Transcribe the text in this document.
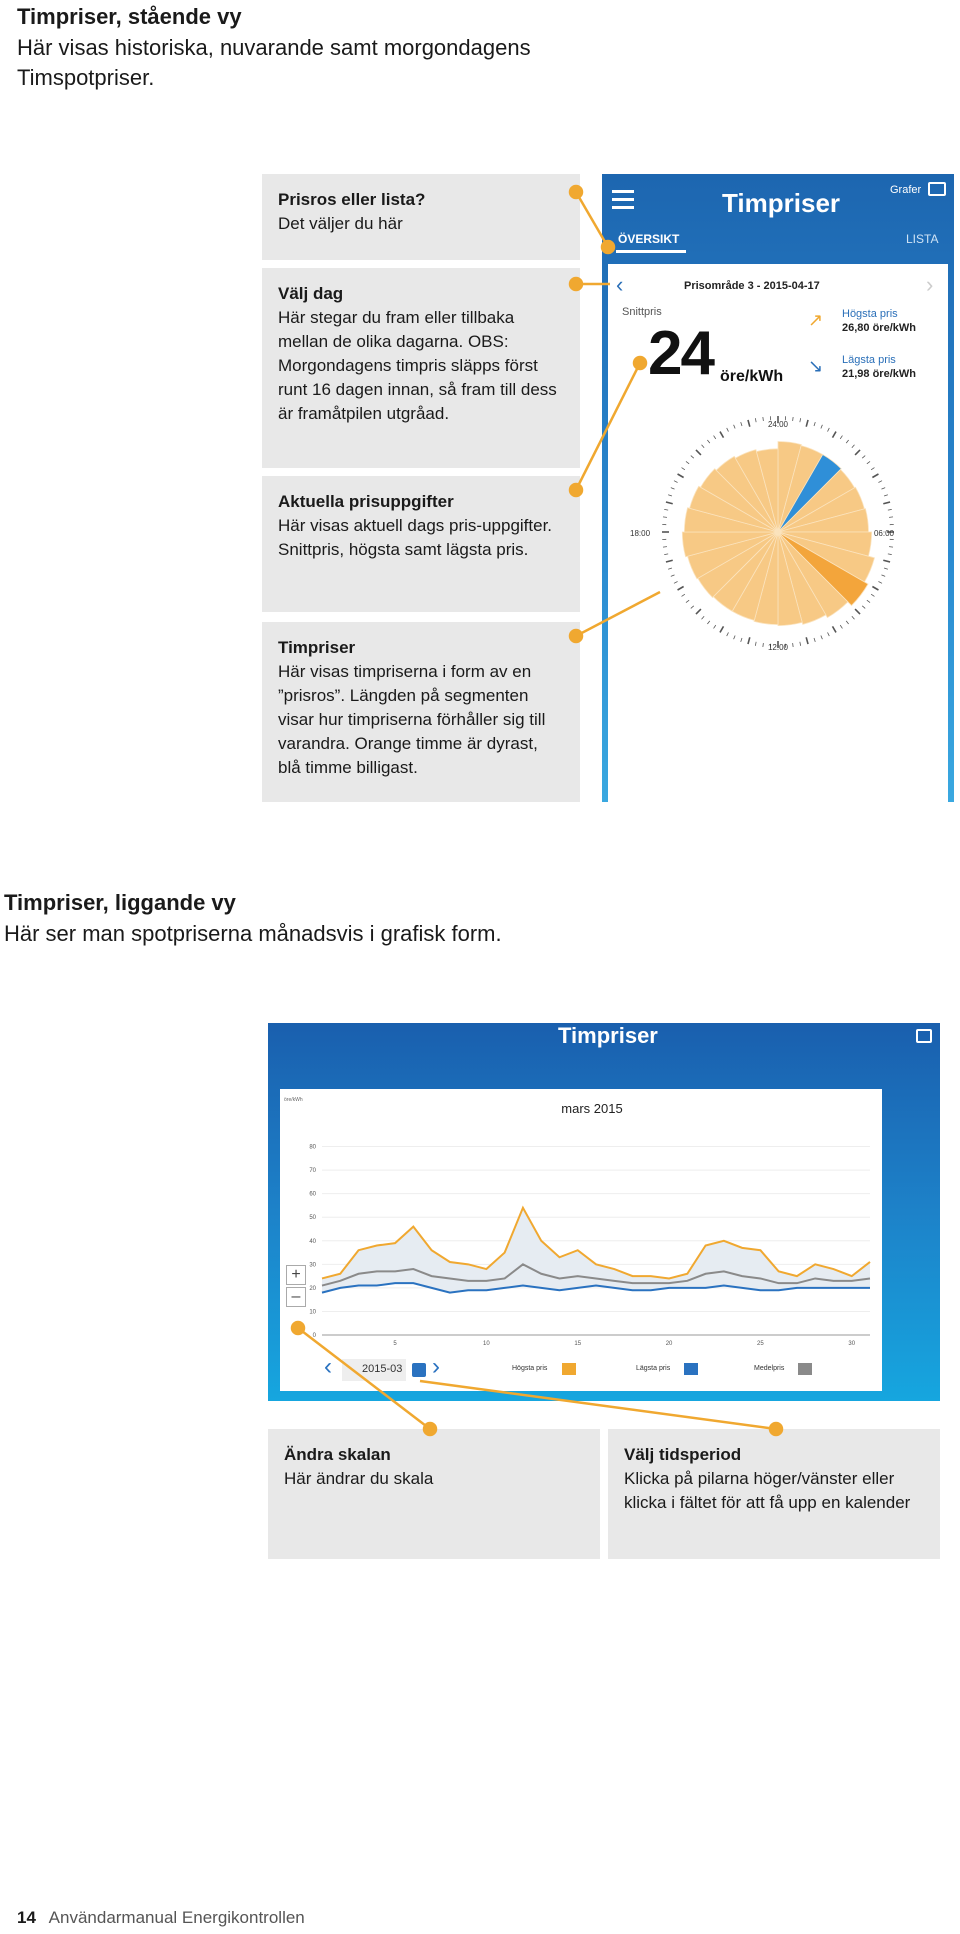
Timpriser, stående vy
Här visas historiska, nuvarande samt morgondagens Timspotpriser.
Prisros eller lista?
Det väljer du här
Välj dag
Här stegar du fram eller tillbaka mellan de olika dagarna. OBS: Morgondagens timpris släpps först runt 16 dagen innan, så fram till dess är framåtpilen utgråad.
Aktuella prisuppgifter
Här visas aktuell dags pris-uppgifter. Snittpris, högsta samt lägsta pris.
Timpriser
Här visas timpriserna i form av en ”prisros”. Längden på segmenten visar hur timpriserna förhåller sig till varandra. Orange timme är dyrast, blå timme billigast.
Timpriser	Grafer
ÖVERSIKT	LISTA
‹	Prisområde 3 - 2015-04-17	›
Snittpris
24 öre/kWh
↗ Högsta pris
26,80 öre/kWh
↘ Lägsta pris
21,98 öre/kWh
24:00
06:00
12:00
18:00
Timpriser, liggande vy
Här ser man spotpriserna månadsvis i grafisk form.
Timpriser
mars 2015
öre/kWh
0
10
20
30
40
50
60
70
80
5	10	15	20	25	30
+
–
‹	2015-03 ›	Högsta pris	Lägsta pris	Medelpris
Ändra skalan
Här ändrar du skala
Välj tidsperiod
Klicka på pilarna höger/vänster eller klicka i fältet för att få upp en kalender
14 Användarmanual Energikontrollen
